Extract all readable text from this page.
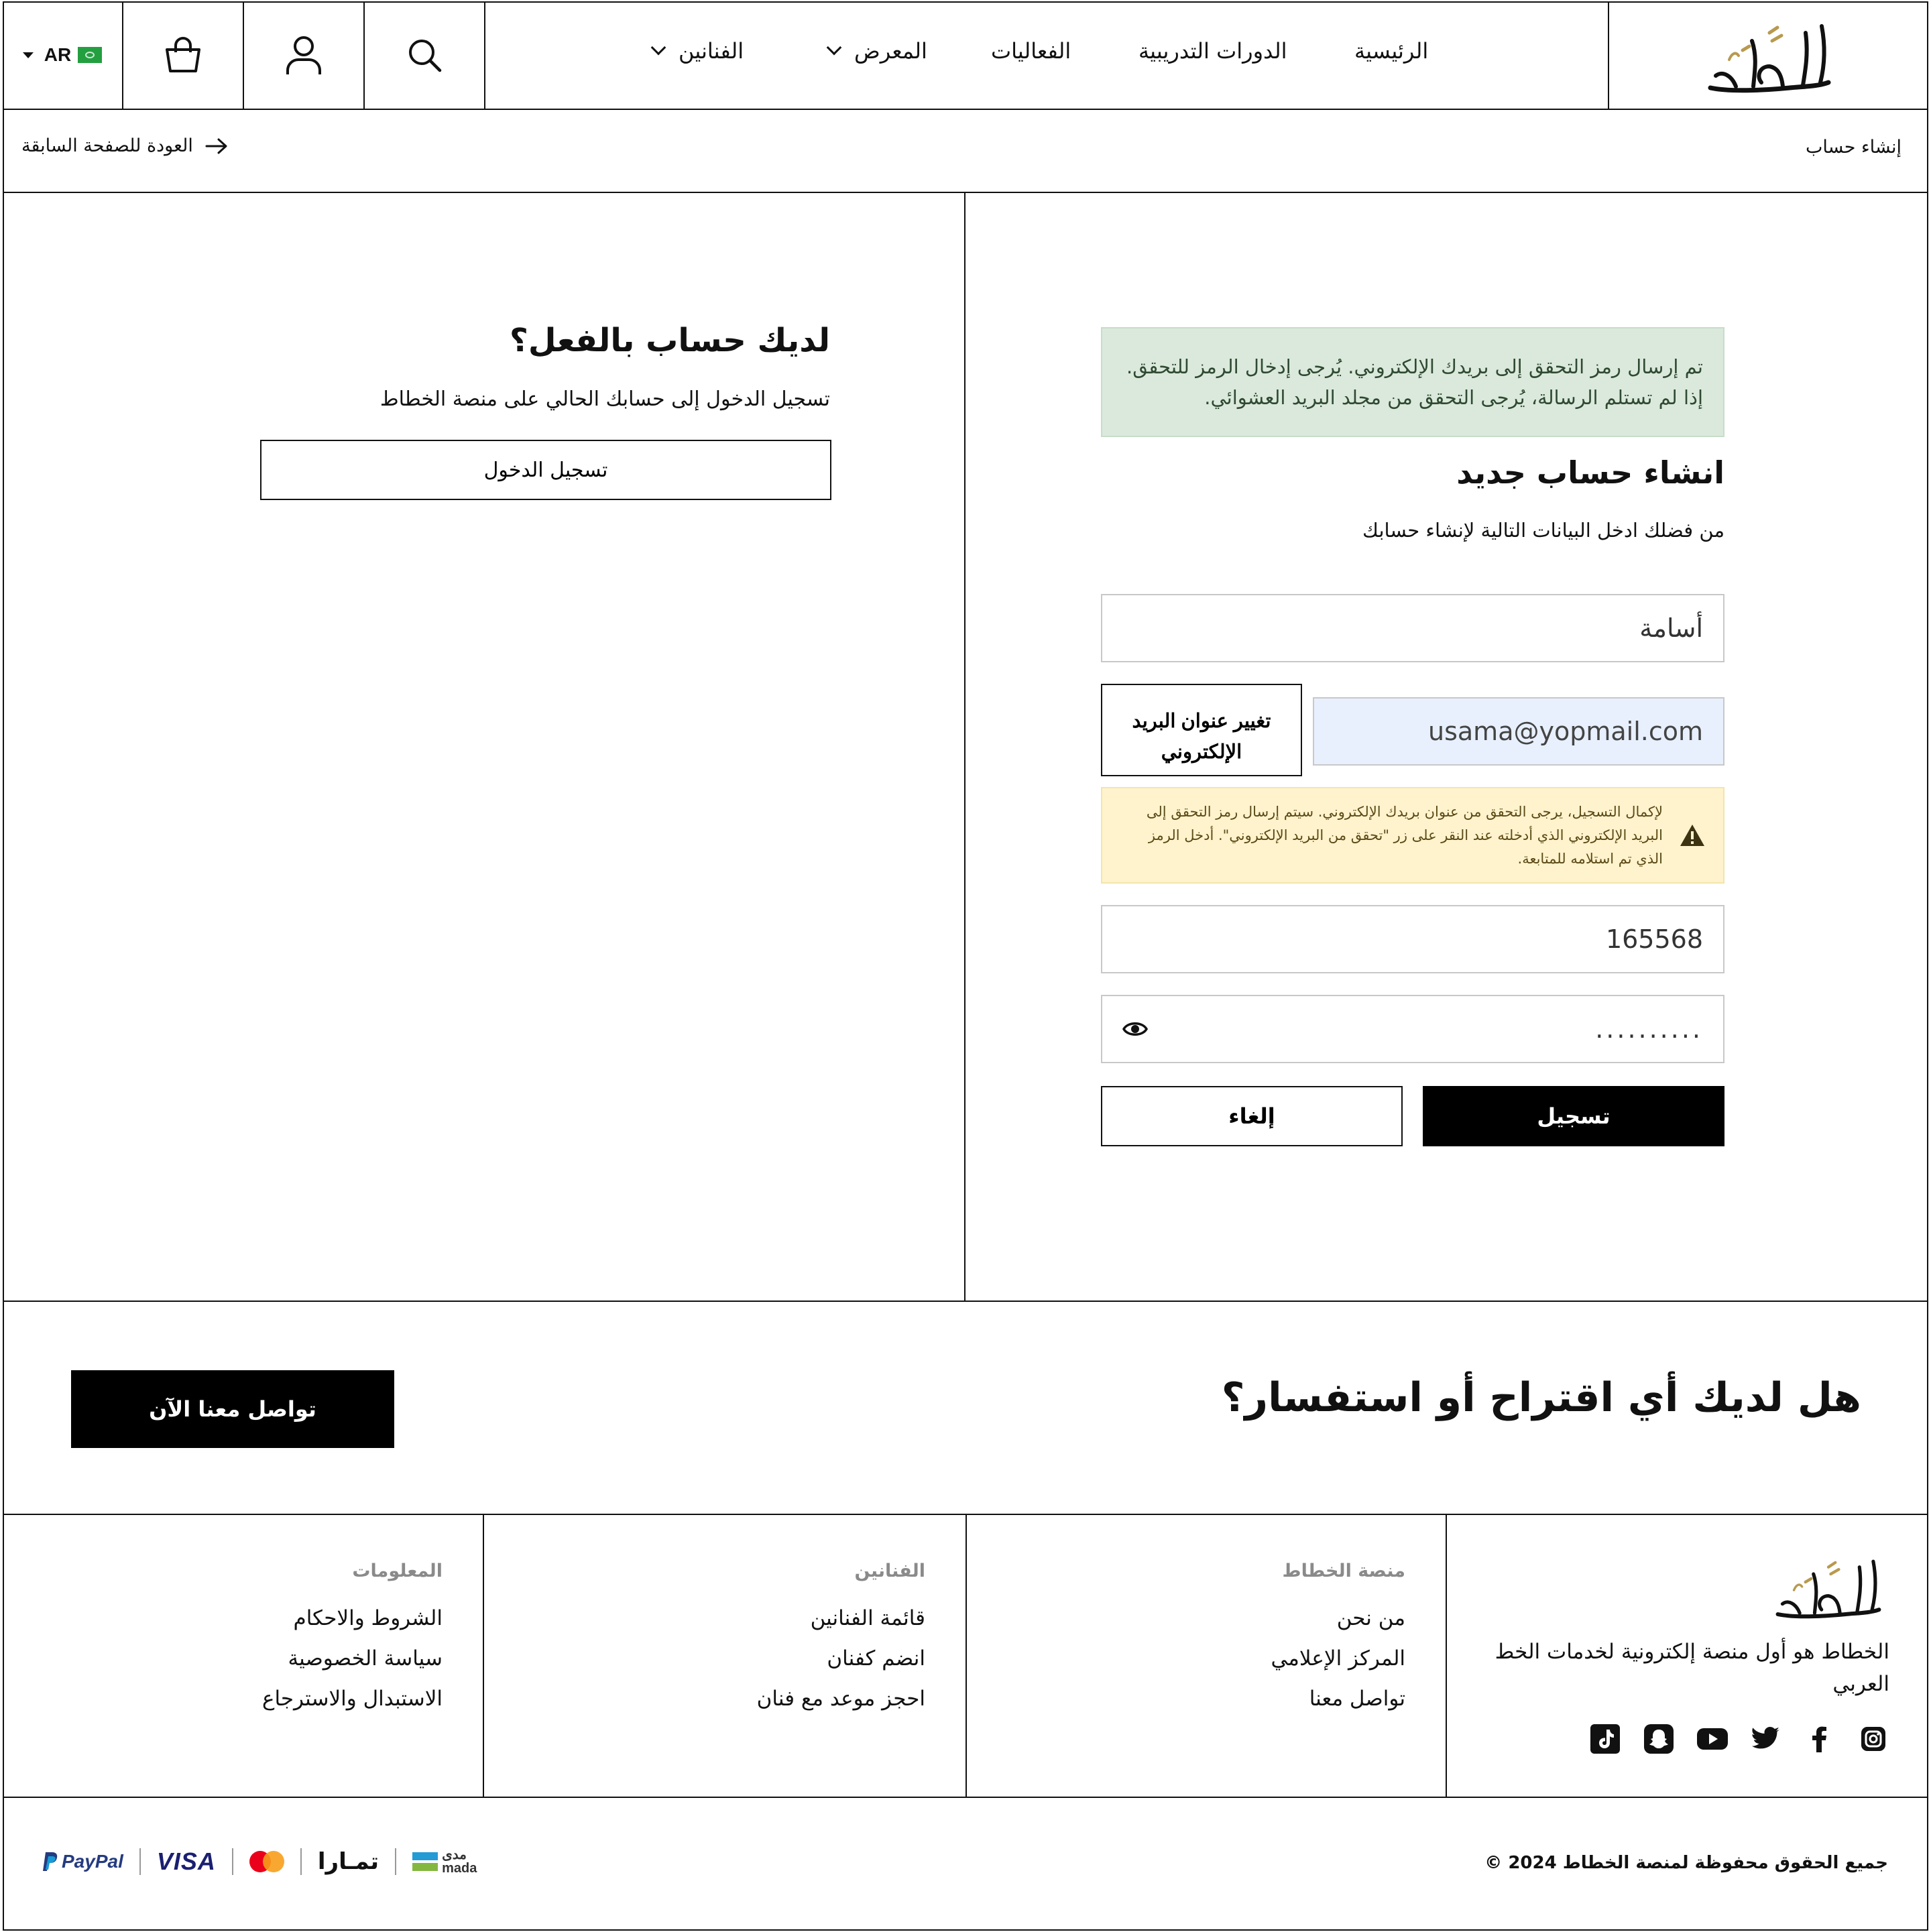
AR	الفنانين	المعرض	الفعاليات	الدورات التدريبية	الرئيسية
العودة للصفحة السابقة	إنشاء حساب
لديك حساب بالفعل؟

تسجيل الدخول إلى حسابك الحالي على منصة الخطاط

تسجيل الدخول
تم إرسال رمز التحقق إلى بريدك الإلكتروني. يُرجى إدخال الرمز للتحقق. إذا لم تستلم الرسالة، يُرجى التحقق من مجلد البريد العشوائي.
انشاء حساب جديد

من فضلك ادخل البيانات التالية لإنشاء حسابك

أسامة
تغيير عنوان البريد الإلكتروني
usama@yopmail.com
لإكمال التسجيل، يرجى التحقق من عنوان بريدك الإلكتروني. سيتم إرسال رمز التحقق إلى البريد الإلكتروني الذي أدخلته عند النقر على زر "تحقق من البريد الإلكتروني". أدخل الرمز الذي تم استلامه للمتابعة.
165568
..........
تسجيل
إلغاء
هل لديك أي اقتراح أو استفسار؟
تواصل معنا الآن
المعلومات
الشروط والاحكام
سياسة الخصوصية
الاستبدال والاسترجاع
الفنانين
قائمة الفنانين
انضم كفنان
احجز موعد مع فنان
منصة الخطاط
من نحن
المركز الإعلامي
تواصل معنا

الخطاط هو أول منصة إلكترونية لخدمات الخط العربي

© جميع الحقوق محفوظة لمنصة الخطاط 2024
PayPal VISA	تمـارا	مدى
mada
